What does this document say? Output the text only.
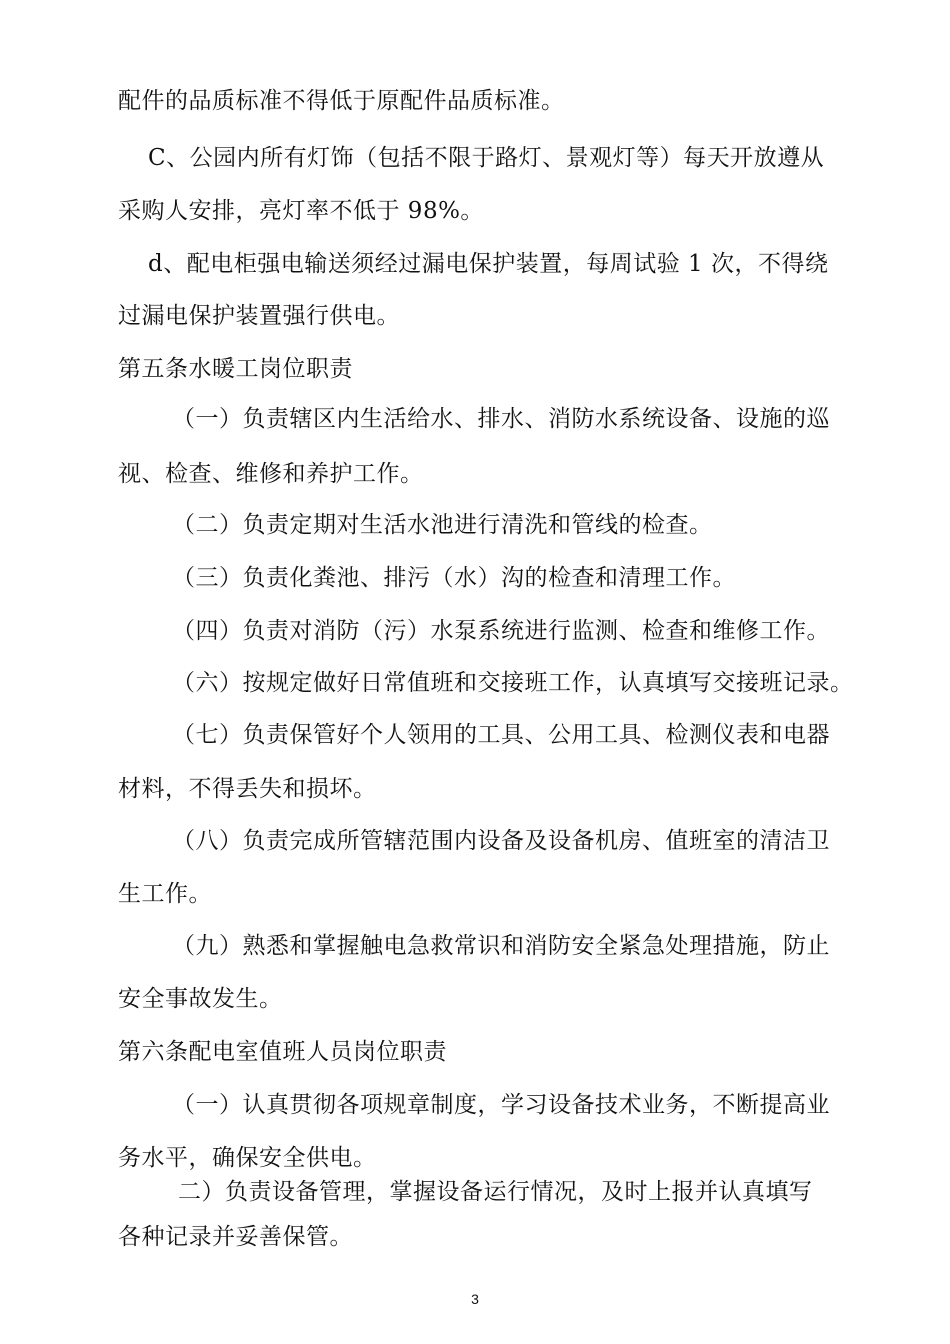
配件的品质标准不得低于原配件品质标准。
C、公园内所有灯饰（包括不限于路灯、景观灯等）每天开放遵从
采购人安排，亮灯率不低于 98%。
d、配电柜强电输送须经过漏电保护装置，每周试验 1 次，不得绕
过漏电保护装置强行供电。
第五条水暖工岗位职责
（一）负责辖区内生活给水、排水、消防水系统设备、设施的巡
视、检查、维修和养护工作。
（二）负责定期对生活水池进行清洗和管线的检查。
（三）负责化粪池、排污（水）沟的检查和清理工作。
（四）负责对消防（污）水泵系统进行监测、检查和维修工作。
（六）按规定做好日常值班和交接班工作，认真填写交接班记录。
（七）负责保管好个人领用的工具、公用工具、检测仪表和电器
材料，不得丢失和损坏。
（八）负责完成所管辖范围内设备及设备机房、值班室的清洁卫
生工作。
（九）熟悉和掌握触电急救常识和消防安全紧急处理措施，防止
安全事故发生。
第六条配电室值班人员岗位职责
（一）认真贯彻各项规章制度，学习设备技术业务，不断提高业
务水平，确保安全供电。
二）负责设备管理，掌握设备运行情况，及时上报并认真填写
各种记录并妥善保管。
3
